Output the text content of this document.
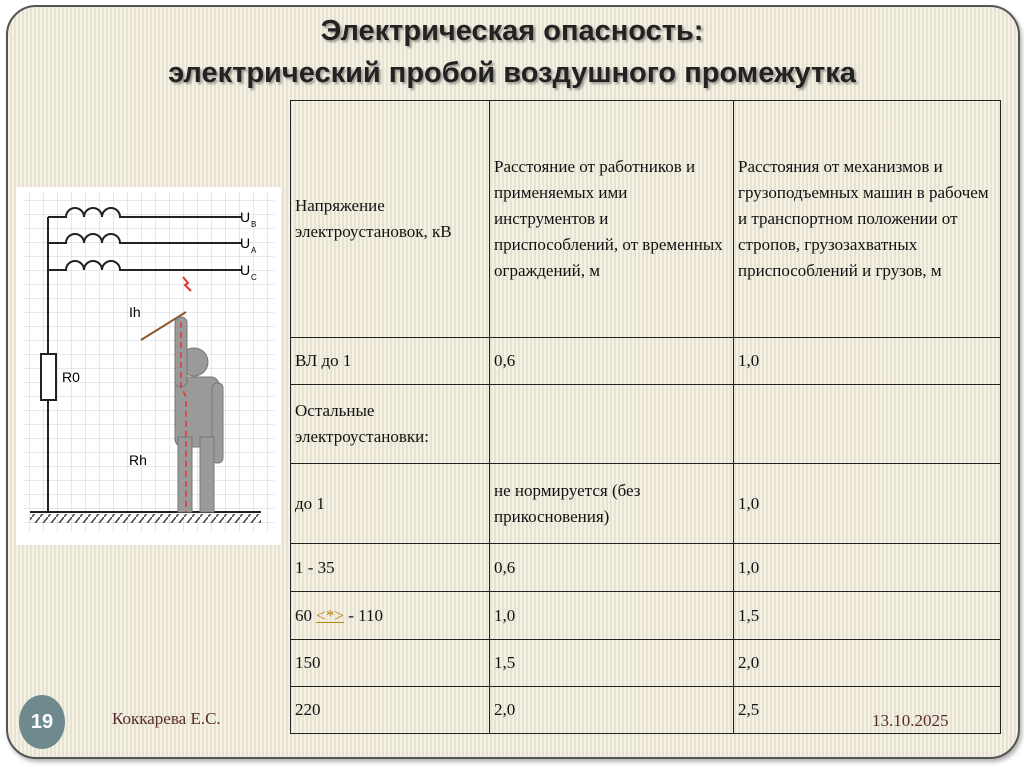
Электрическая опасность:
электрический пробой воздушного промежутка
U B
U A
U C
Ih
R0
Rh
Напряжение электроустановок, кВ	Расстояние от работников и применяемых ими инструментов и приспособлений, от временных ограждений, м	Расстояния от механизмов и грузоподъемных машин в рабочем и транспортном положении от стропов, грузозахватных приспособлений и грузов, м
ВЛ до 1	0,6	1,0
Остальные электроустановки:		
до 1	не нормируется (без прикосновения)	1,0
1 - 35	0,6	1,0
60 <*> - 110	1,0	1,5
150	1,5	2,0
220	2,0	2,5
19	Коккарева Е.С.	13.10.2025
